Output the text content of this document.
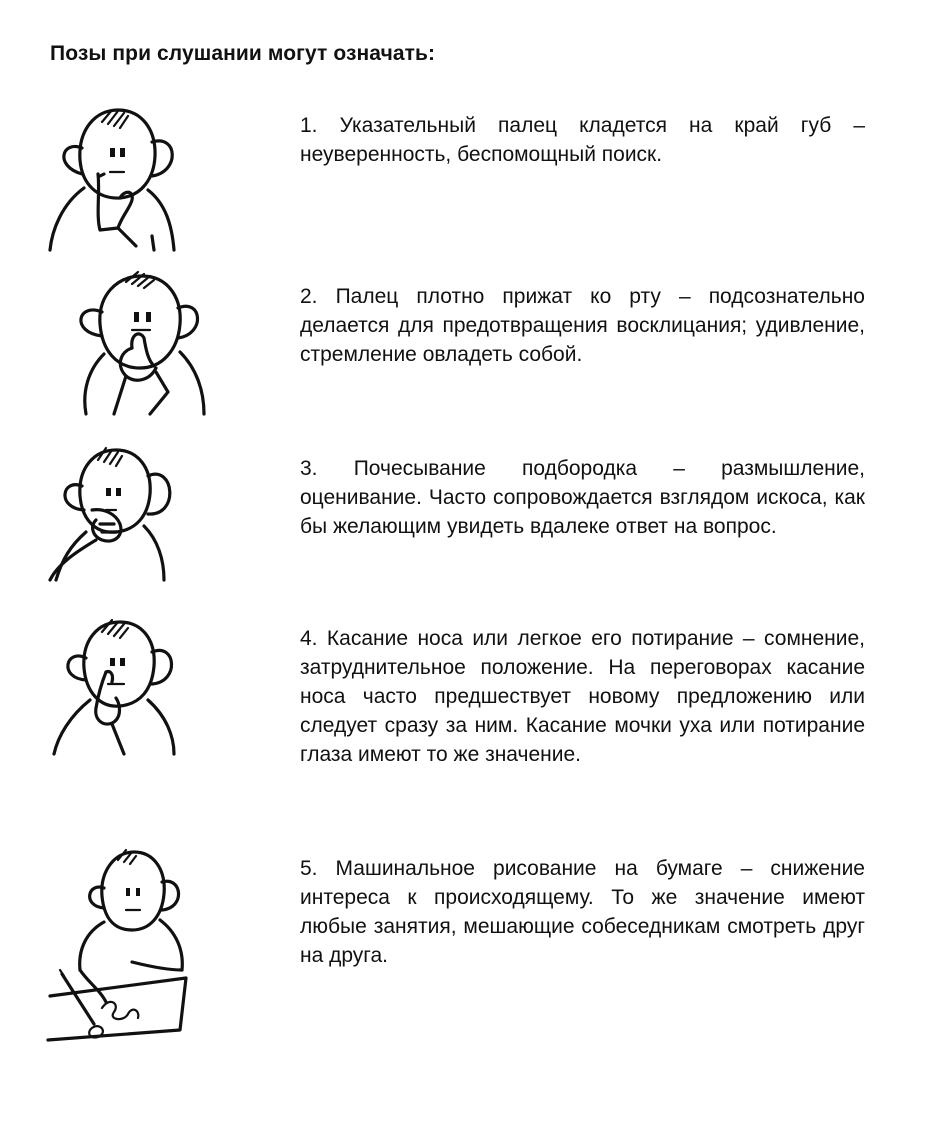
Позы при слушании могут означать:
1. Указательный палец кладется на край губ – неуверенность, беспомощный поиск.
2. Палец плотно прижат ко рту – подсознательно делается для предотвращения восклицания; удивление, стремление овладеть собой.
3. Почесывание подбородка – размышление, оценивание. Часто сопровождается взглядом искоса, как бы желающим увидеть вдалеке ответ на вопрос.
4. Касание носа или легкое его потирание – сомнение, затруднительное положение. На переговорах касание носа часто предшествует новому предложению или следует сразу за ним. Касание мочки уха или потирание глаза имеют то же значение.
5. Машинальное рисование на бумаге – снижение интереса к происходящему. То же значение имеют любые занятия, мешающие собеседникам смотреть друг на друга.
